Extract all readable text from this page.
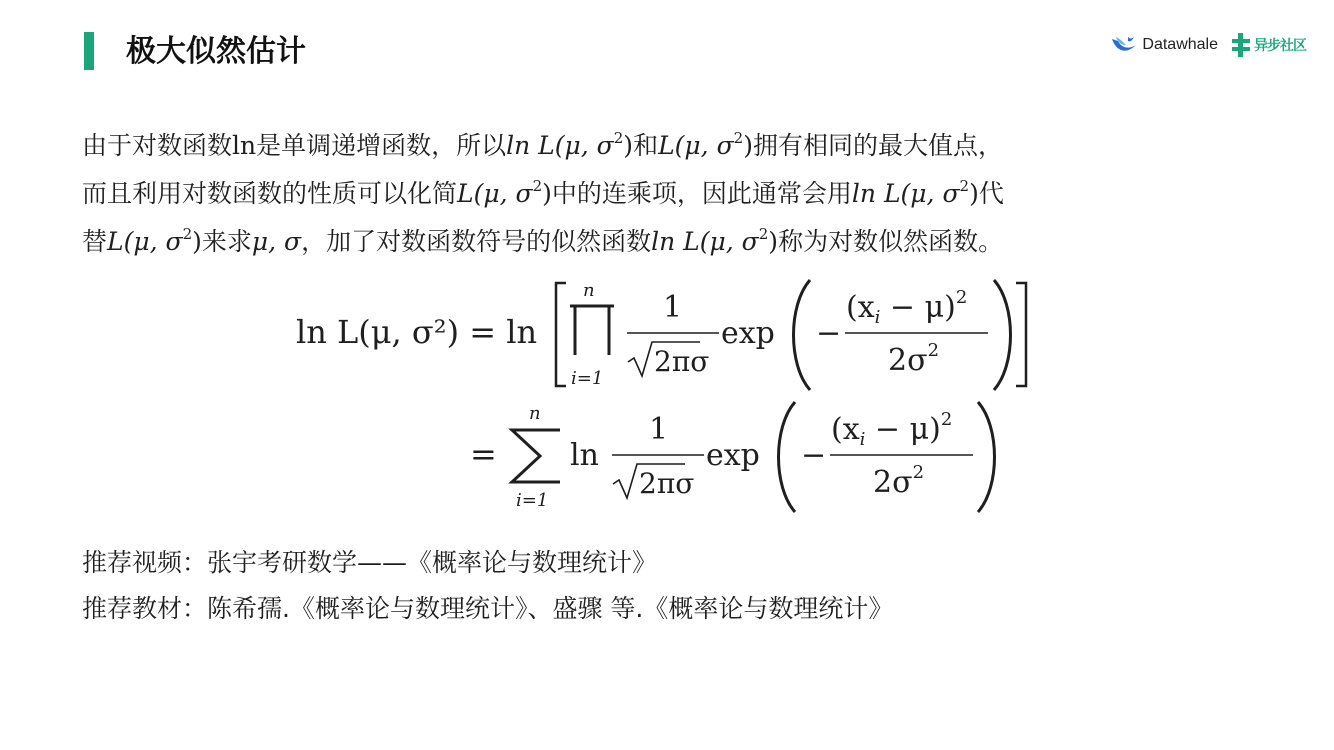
极大似然估计	Datawhale	异步社区
由于对数函数ln是单调递增函数，所以ln L(μ, $\sigma^2$)和L(μ, $\sigma^2$)拥有相同的最大值点，
而且利用对数函数的性质可以化简L(μ, $\sigma^2$)中的连乘项，因此通常会用ln L(μ, $\sigma^2$)代
替L(μ, $\sigma^2$)来求μ, σ，加了对数函数符号的似然函数ln L(μ, $\sigma^2$)称为对数似然函数。
ln L(μ, σ²) = ln
n
i=1
1
2πσ
exp −
$(x_i - \mu)^2$
$2\sigma^2$
=
n
i=1
ln
1
2πσ
exp −
$(x_i - \mu)^2$
$2\sigma^2$
推荐视频：张宇考研数学——《概率论与数理统计》
推荐教材：陈希孺.《概率论与数理统计》、盛骤 等.《概率论与数理统计》
